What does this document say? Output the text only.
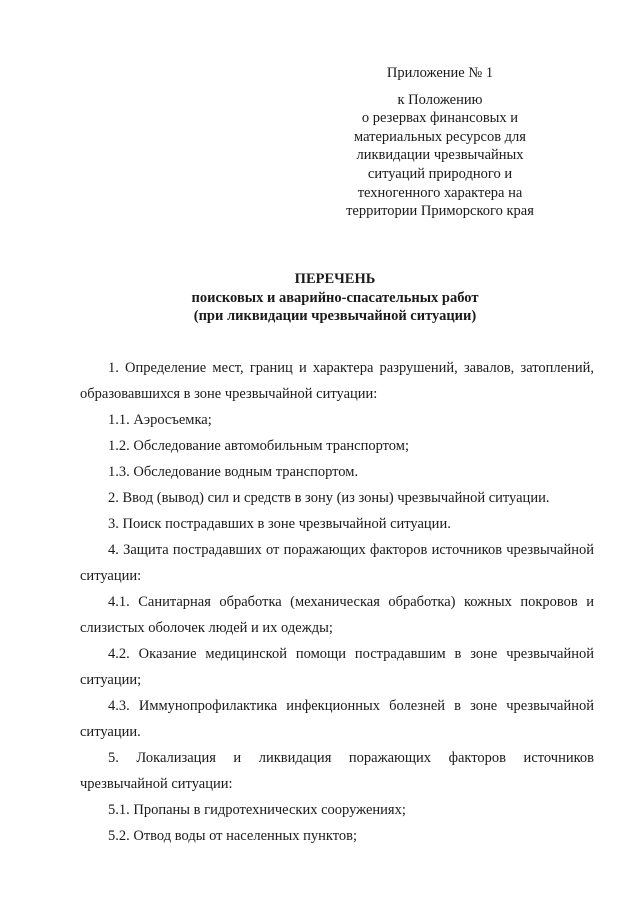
Приложение № 1
к Положению
о резервах финансовых и
материальных ресурсов для
ликвидации чрезвычайных
ситуаций природного и
техногенного характера на
территории Приморского края
ПЕРЕЧЕНЬ
поисковых и аварийно-спасательных работ
(при ликвидации чрезвычайной ситуации)

1. Определение мест, границ и характера разрушений, завалов, затоплений, образовавшихся в зоне чрезвычайной ситуации:

1.1. Аэросъемка;

1.2. Обследование автомобильным транспортом;

1.3. Обследование водным транспортом.

2. Ввод (вывод) сил и средств в зону (из зоны) чрезвычайной ситуации.

3. Поиск пострадавших в зоне чрезвычайной ситуации.

4. Защита пострадавших от поражающих факторов источников чрезвычайной ситуации:

4.1. Санитарная обработка (механическая обработка) кожных покровов и слизистых оболочек людей и их одежды;

4.2. Оказание медицинской помощи пострадавшим в зоне чрезвычайной ситуации;

4.3. Иммунопрофилактика инфекционных болезней в зоне чрезвычайной ситуации.

5. Локализация и ликвидация поражающих факторов источников чрезвычайной ситуации:

5.1. Пропаны в гидротехнических сооружениях;

5.2. Отвод воды от населенных пунктов;
